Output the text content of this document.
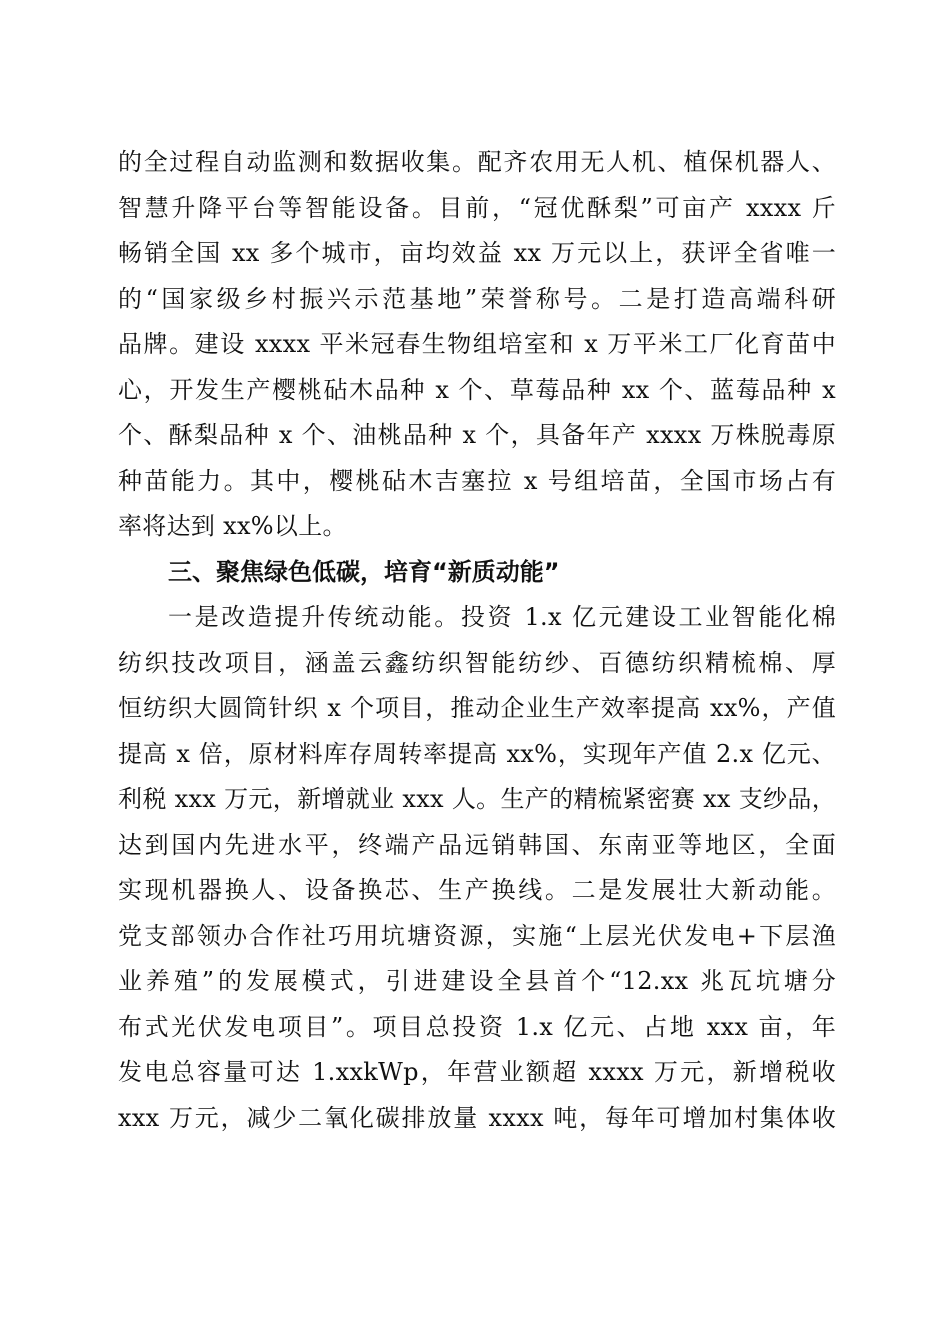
的全过程自动监测和数据收集。配齐农用无人机、植保机器人、
智慧升降平台等智能设备。目前，“冠优酥梨”可亩产 xxxx 斤
畅销全国 xx 多个城市，亩均效益 xx 万元以上，获评全省唯一
的“国家级乡村振兴示范基地”荣誉称号。二是打造高端科研
品牌。建设 xxxx 平米冠春生物组培室和 x 万平米工厂化育苗中
心，开发生产樱桃砧木品种 x 个、草莓品种 xx 个、蓝莓品种 x
个、酥梨品种 x 个、油桃品种 x 个，具备年产 xxxx 万株脱毒原
种苗能力。其中，樱桃砧木吉塞拉 x 号组培苗，全国市场占有
率将达到 xx%以上。
三、聚焦绿色低碳，培育“新质动能”
一是改造提升传统动能。投资 1.x 亿元建设工业智能化棉
纺织技改项目，涵盖云鑫纺织智能纺纱、百德纺织精梳棉、厚
恒纺织大圆筒针织 x 个项目，推动企业生产效率提高 xx%，产值
提高 x 倍，原材料库存周转率提高 xx%，实现年产值 2.x 亿元、
利税 xxx 万元，新增就业 xxx 人。生产的精梳紧密赛 xx 支纱品，
达到国内先进水平，终端产品远销韩国、东南亚等地区，全面
实现机器换人、设备换芯、生产换线。二是发展壮大新动能。
党支部领办合作社巧用坑塘资源，实施“上层光伏发电+下层渔
业养殖”的发展模式，引进建设全县首个“12.xx 兆瓦坑塘分
布式光伏发电项目”。项目总投资 1.x 亿元、占地 xxx 亩，年
发电总容量可达 1.xxkWp，年营业额超 xxxx 万元，新增税收
xxx 万元，减少二氧化碳排放量 xxxx 吨，每年可增加村集体收
